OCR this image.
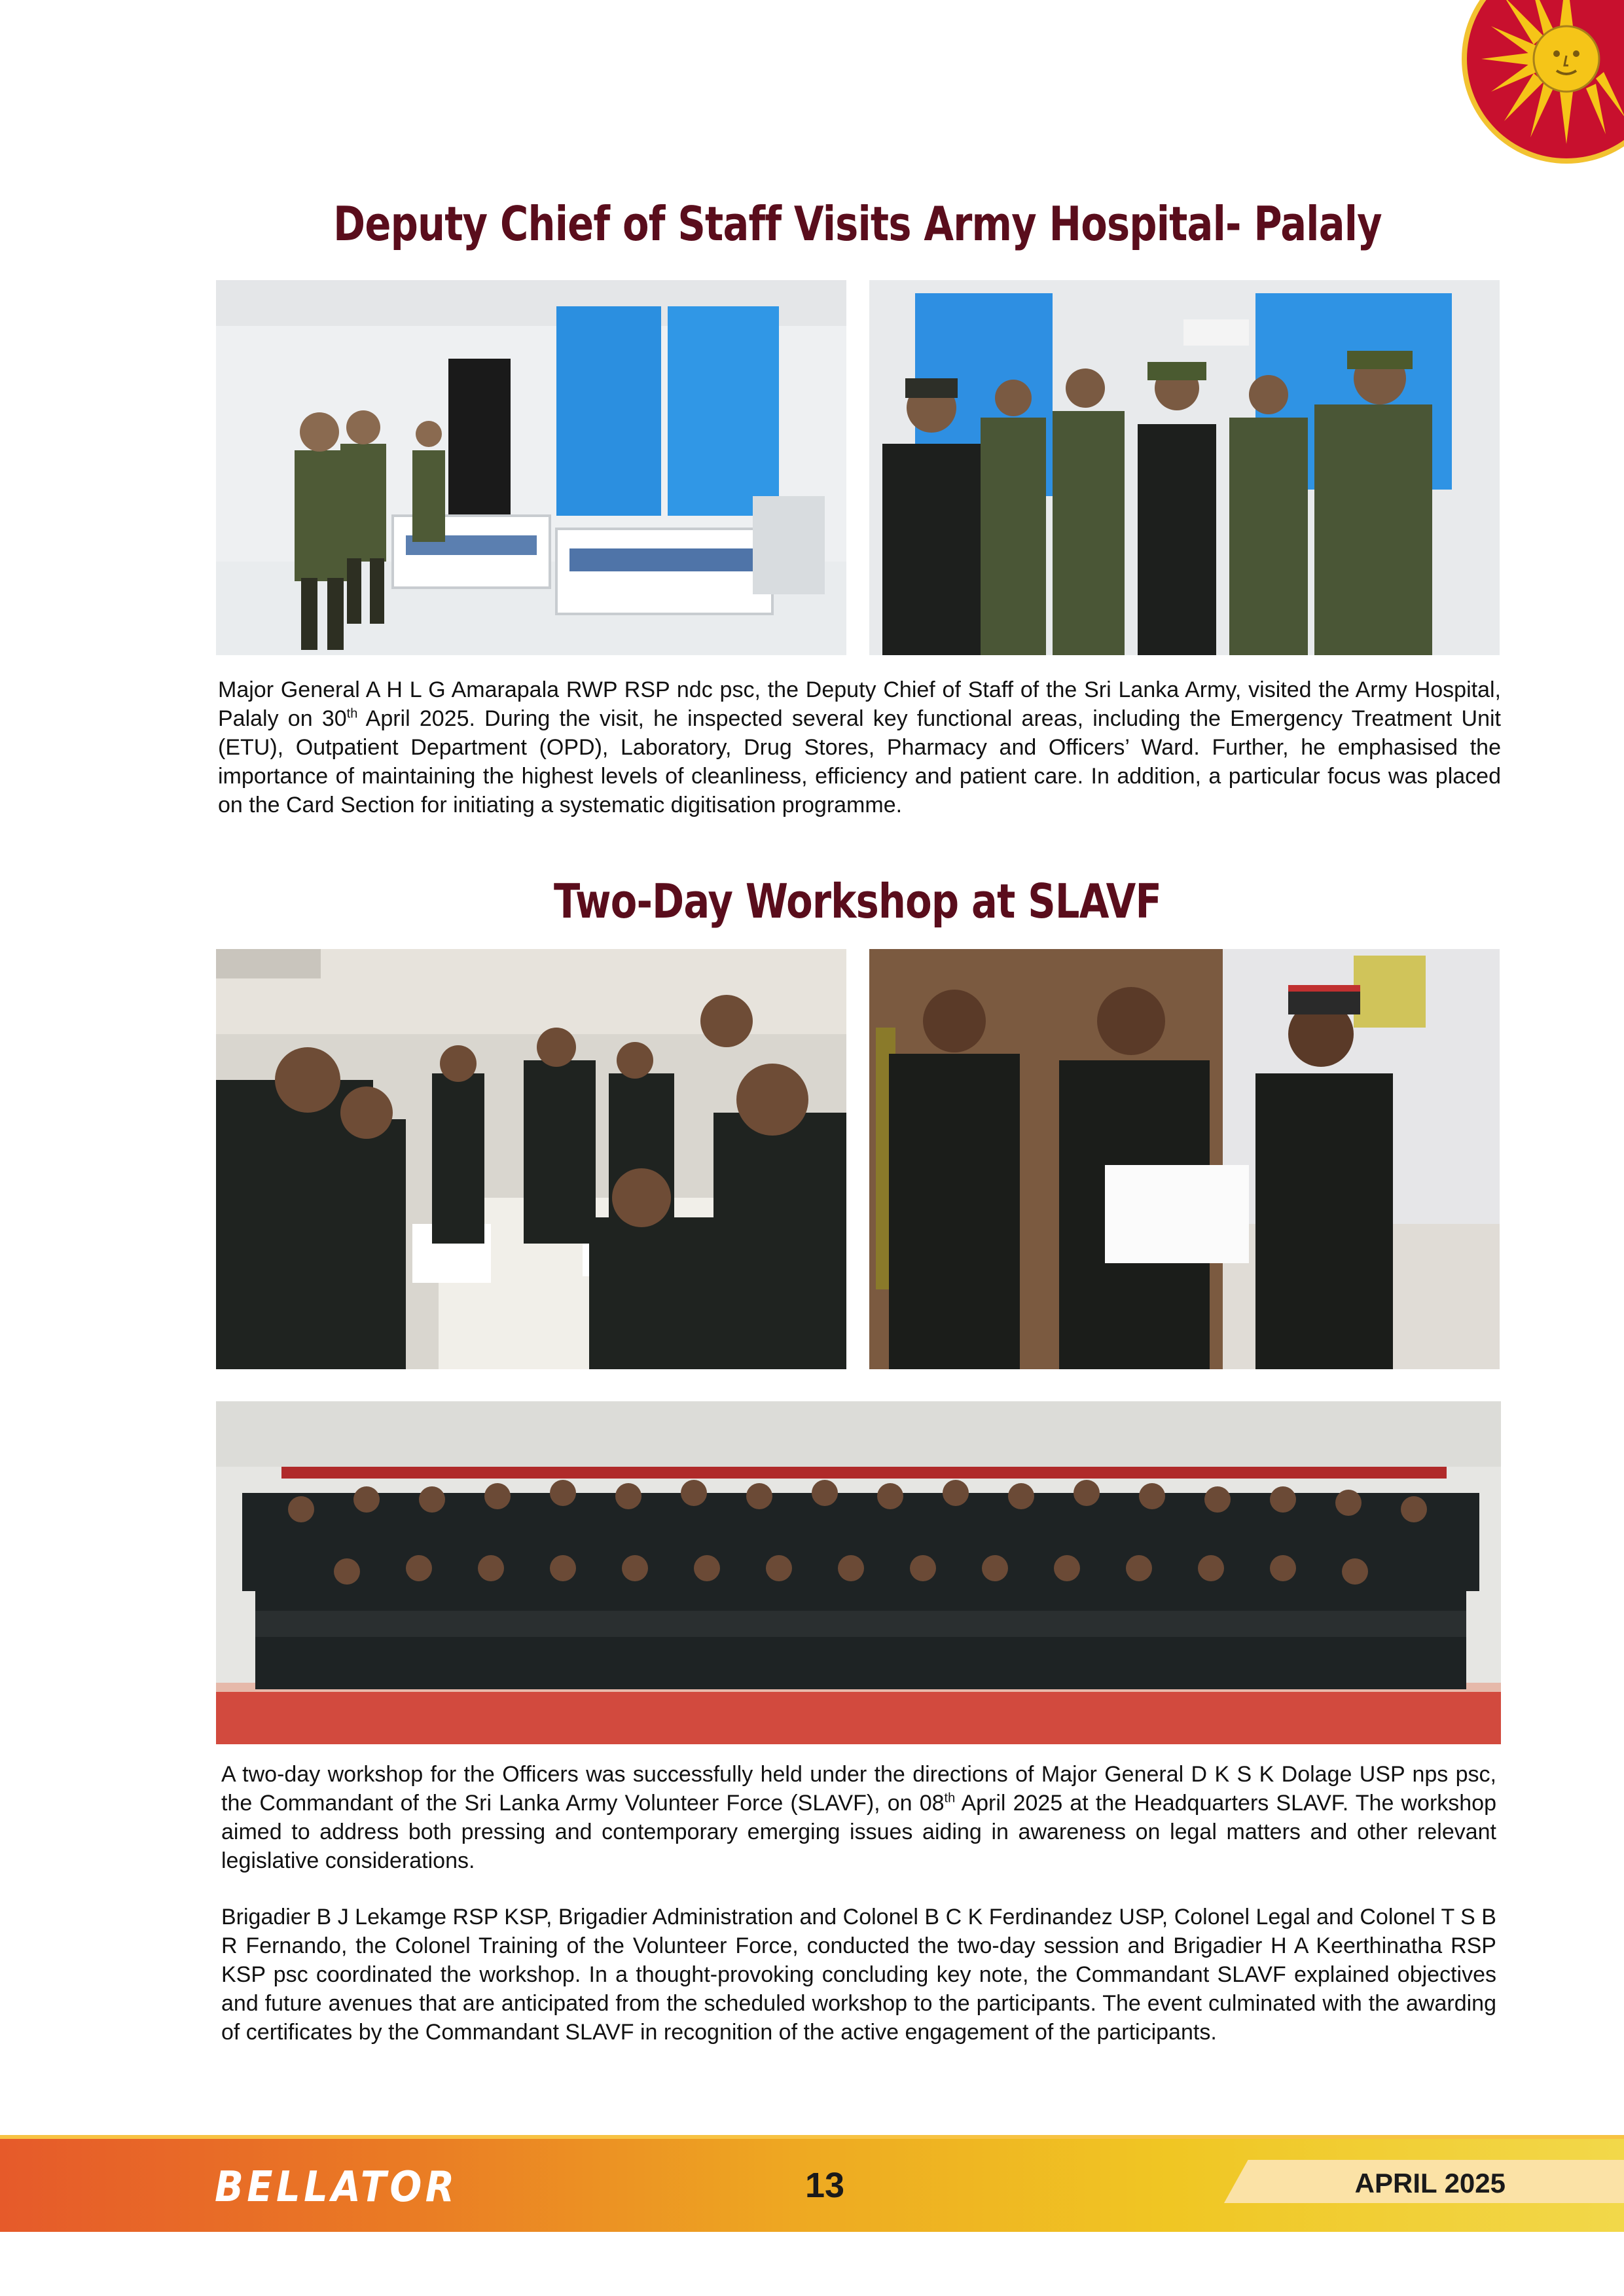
Deputy Chief of Staff Visits Army Hospital- Palaly

Major General A H L G Amarapala RWP RSP ndc psc, the Deputy Chief of Staff of the Sri Lanka Army, visited the Army Hospital, Palaly on 30th April 2025. During the visit, he inspected several key functional areas, including the Emergency Treatment Unit (ETU), Outpatient Department (OPD), Laboratory, Drug Stores, Pharmacy and Officers’ Ward. Further, he emphasised the importance of maintaining the highest levels of cleanliness, efficiency and patient care. In addition, a particular focus was placed on the Card Section for initiating a systematic digitisation programme.

Two-Day Workshop at SLAVF

A two-day workshop for the Officers was successfully held under the directions of Major General D K S K Dolage USP nps psc, the Commandant of the Sri Lanka Army Volunteer Force (SLAVF), on 08th April 2025 at the Headquarters SLAVF. The workshop aimed to address both pressing and contemporary emerging issues aiding in awareness on legal matters and other relevant legislative considerations.

Brigadier B J Lekamge RSP KSP, Brigadier Administration and Colonel B C K Ferdinandez USP, Colonel Legal and Colonel T S B R Fernando, the Colonel Training of the Volunteer Force, conducted the two-day session and Brigadier H A Keerthinatha RSP KSP psc coordinated the workshop. In a thought-provoking concluding key note, the Commandant SLAVF explained objectives and future avenues that are anticipated from the scheduled workshop to the participants. The event culminated with the awarding of certificates by the Commandant SLAVF in recognition of the active engagement of the participants.

BELLATOR	13	APRIL 2025
